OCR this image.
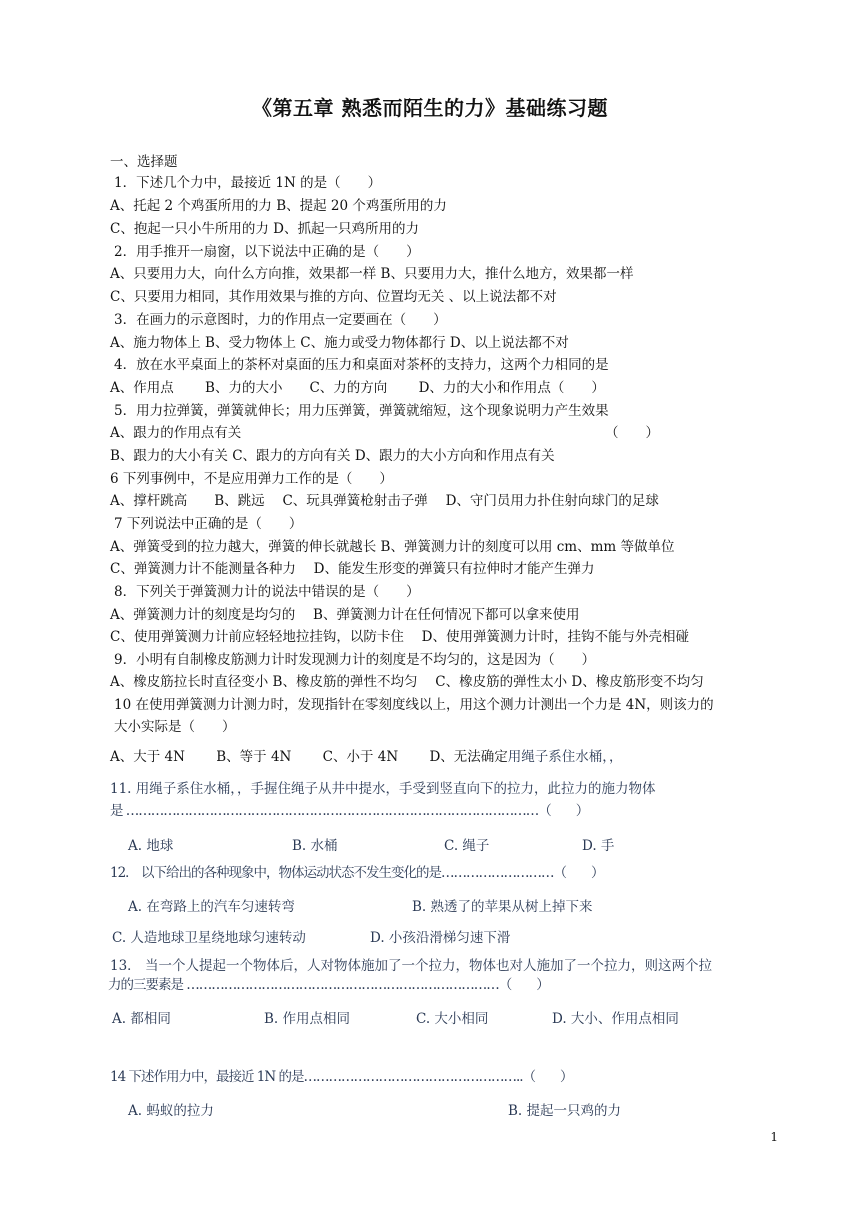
《第五章 熟悉而陌生的力》基础练习题
一、选择题
1．下述几个力中，最接近 1N 的是（　　）
A、托起 2 个鸡蛋所用的力 B、提起 20 个鸡蛋所用的力
C、抱起一只小牛所用的力 D、抓起一只鸡所用的力
2．用手推开一扇窗，以下说法中正确的是（　　）
A、只要用力大，向什么方向推，效果都一样 B、只要用力大，推什么地方，效果都一样
C、只要用力相同，其作用效果与推的方向、位置均无关 、以上说法都不对
3．在画力的示意图时，力的作用点一定要画在（　　）
A、施力物体上 B、受力物体上 C、施力或受力物体都行 D、以上说法都不对
4．放在水平桌面上的茶杯对桌面的压力和桌面对茶杯的支持力，这两个力相同的是
A、作用点　　 B、力的大小　　C、力的方向　　 D、力的大小和作用点（　　）
5．用力拉弹簧，弹簧就伸长；用力压弹簧，弹簧就缩短，这个现象说明力产生效果
A、跟力的作用点有关	（　　）
B、跟力的大小有关 C、跟力的方向有关 D、跟力的大小方向和作用点有关
6 下列事例中，不是应用弹力工作的是（　　）
A、撑杆跳高　　B、跳远　 C、玩具弹簧枪射击子弹　 D、守门员用力扑住射向球门的足球
7 下列说法中正确的是（　　）
A、弹簧受到的拉力越大，弹簧的伸长就越长 B、弹簧测力计的刻度可以用 cm、mm 等做单位
C、弹簧测力计不能测量各种力　 D、能发生形变的弹簧只有拉伸时才能产生弹力
8．下列关于弹簧测力计的说法中错误的是（　　）
A、弹簧测力计的刻度是均匀的　 B、弹簧测力计在任何情况下都可以拿来使用
C、使用弹簧测力计前应轻轻地拉挂钩，以防卡住　 D、使用弹簧测力计时，挂钩不能与外壳相碰
9．小明有自制橡皮筋测力计时发现测力计的刻度是不均匀的，这是因为（　　）
A、橡皮筋拉长时直径变小 B、橡皮筋的弹性不均匀　 C、橡皮筋的弹性太小 D、橡皮筋形变不均匀
10 在使用弹簧测力计测力时，发现指针在零刻度线以上，用这个测力计测出一个力是 4N，则该力的
大小实际是（　　）
A、大于 4N　　 B、等于 4N　　 C、小于 4N　　 D、无法确定用绳子系住水桶，，
11. 用绳子系住水桶，，手握住绳子从井中提水，手受到竖直向下的拉力，此拉力的施力物体
是 ………………………………………………………………………………………（　　）
A. 地球	B. 水桶	C. 绳子	D. 手
12． 以下给出的各种现象中，物体运动状态不发生变化的是………………………（　　）
A. 在弯路上的汽车匀速转弯	B. 熟透了的苹果从树上掉下来
C. 人造地球卫星绕地球匀速转动	D. 小孩沿滑梯匀速下滑
13． 当一个人提起一个物体后，人对物体施加了一个拉力，物体也对人施加了一个拉力，则这两个拉
力的三要素是 …………………………………………………………………（　　）
A. 都相同	B. 作用点相同	C. 大小相同	D. 大小、作用点相同
14 下述作用力中，最接近 1N 的是……………………………………………..（　　）
A. 蚂蚁的拉力	B. 提起一只鸡的力
1
